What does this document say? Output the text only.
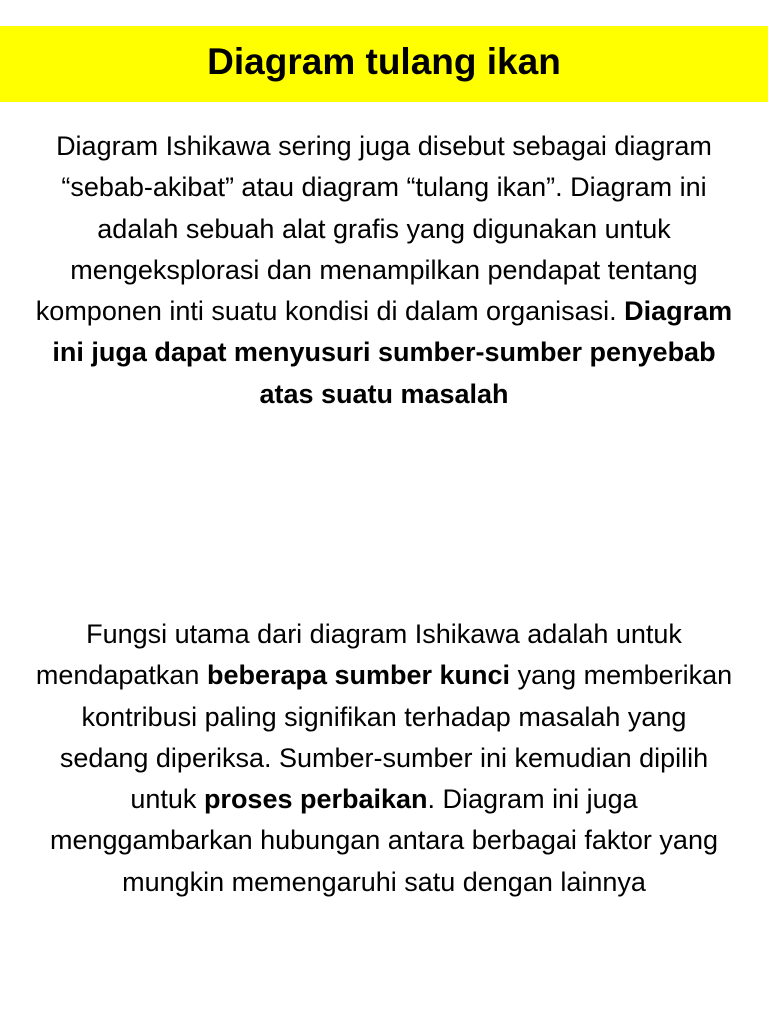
Diagram tulang ikan

Diagram Ishikawa sering juga disebut sebagai diagram “sebab-akibat” atau diagram “tulang ikan”. Diagram ini adalah sebuah alat grafis yang digunakan untuk mengeksplorasi dan menampilkan pendapat tentang komponen inti suatu kondisi di dalam organisasi. Diagram ini juga dapat menyusuri sumber-sumber penyebab atas suatu masalah

Fungsi utama dari diagram Ishikawa adalah untuk mendapatkan beberapa sumber kunci yang memberikan kontribusi paling signifikan terhadap masalah yang sedang diperiksa. Sumber-sumber ini kemudian dipilih untuk proses perbaikan. Diagram ini juga menggambarkan hubungan antara berbagai faktor yang mungkin memengaruhi satu dengan lainnya
